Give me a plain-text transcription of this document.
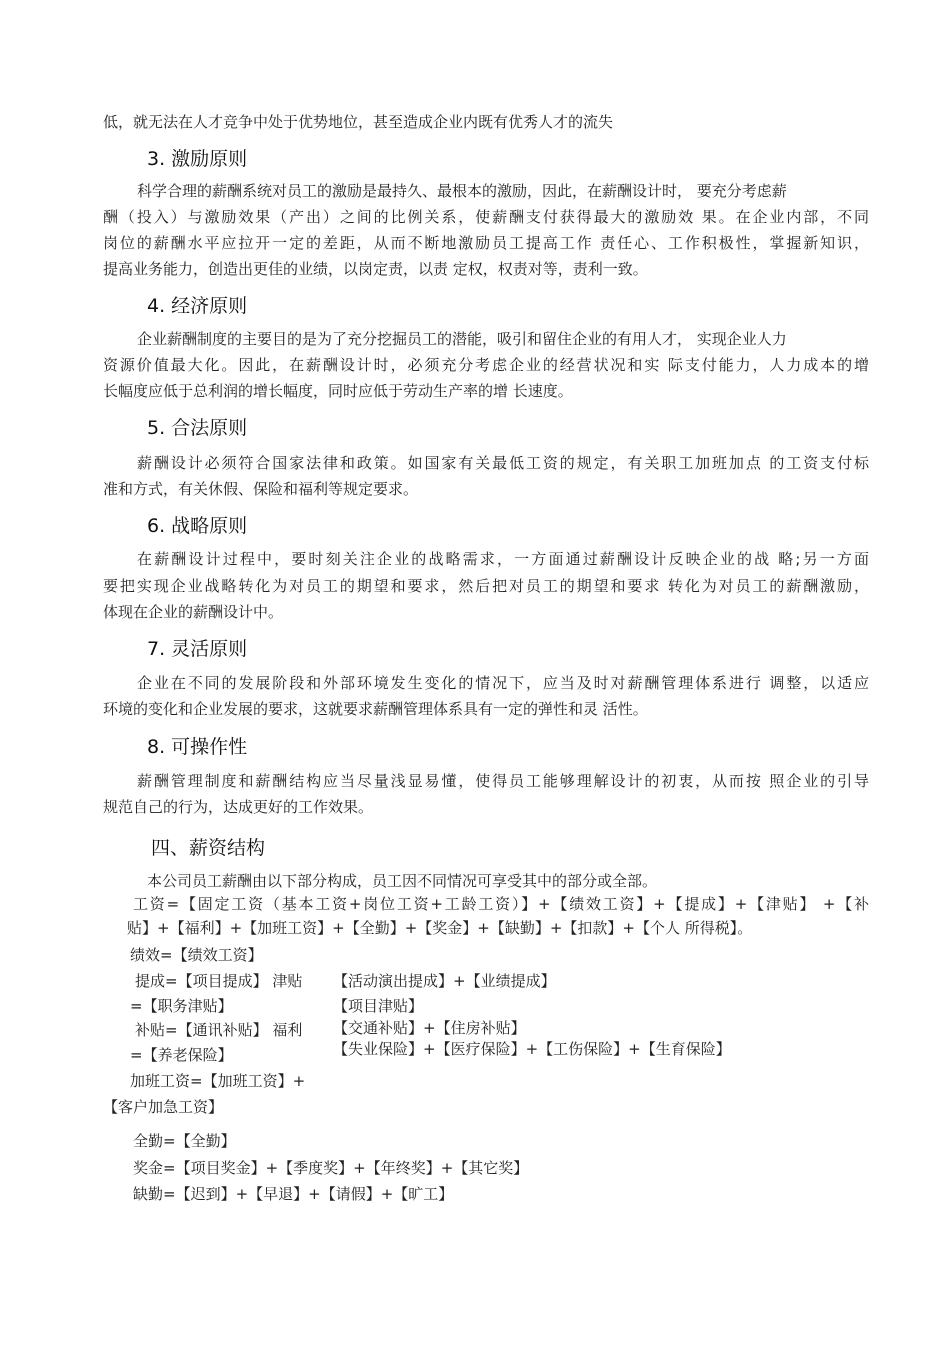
低，就无法在人才竞争中处于优势地位，甚至造成企业内既有优秀人才的流失
3. 激励原则
科学合理的薪酬系统对员工的激励是最持久、最根本的激励，因此，在薪酬设计时， 要充分考虑薪
酬（投入）与激励效果（产出）之间的比例关系，使薪酬支付获得最大的激励效 果。在企业内部，不同
岗位的薪酬水平应拉开一定的差距，从而不断地激励员工提高工作 责任心、工作积极性，掌握新知识，
提高业务能力，创造出更佳的业绩，以岗定责，以责 定权，权责对等，责利一致。
4. 经济原则
企业薪酬制度的主要目的是为了充分挖掘员工的潜能，吸引和留住企业的有用人才， 实现企业人力
资源价值最大化。因此，在薪酬设计时，必须充分考虑企业的经营状况和实 际支付能力，人力成本的增
长幅度应低于总利润的增长幅度，同时应低于劳动生产率的增 长速度。
5. 合法原则
薪酬设计必须符合国家法律和政策。如国家有关最低工资的规定，有关职工加班加点 的工资支付标
准和方式，有关休假、保险和福利等规定要求。
6. 战略原则
在薪酬设计过程中，要时刻关注企业的战略需求，一方面通过薪酬设计反映企业的战 略;另一方面
要把实现企业战略转化为对员工的期望和要求，然后把对员工的期望和要求 转化为对员工的薪酬激励，
体现在企业的薪酬设计中。
7. 灵活原则
企业在不同的发展阶段和外部环境发生变化的情况下，应当及时对薪酬管理体系进行 调整，以适应
环境的变化和企业发展的要求，这就要求薪酬管理体系具有一定的弹性和灵 活性。
8. 可操作性
薪酬管理制度和薪酬结构应当尽量浅显易懂，使得员工能够理解设计的初衷，从而按 照企业的引导
规范自己的行为，达成更好的工作效果。
四、薪资结构
本公司员工薪酬由以下部分构成，员工因不同情况可享受其中的部分或全部。
工资=【固定工资（基本工资+岗位工资+工龄工资）】+【绩效工资】+【提成】+【津贴】 +【补
贴】+【福利】+【加班工资】+【全勤】+【奖金】+【缺勤】+【扣款】+【个人 所得税】。
绩效=【绩效工资】
提成=【项目提成】 津贴 【活动演出提成】+【业绩提成】
=【职务津贴】	【项目津贴】
补贴=【通讯补贴】 福利 【交通补贴】+【住房补贴】
=【养老保险】	【失业保险】+【医疗保险】+【工伤保险】+【生育保险】
加班工资=【加班工资】+
【客户加急工资】
全勤=【全勤】
奖金=【项目奖金】+【季度奖】+【年终奖】+【其它奖】
缺勤=【迟到】+【早退】+【请假】+【旷工】
